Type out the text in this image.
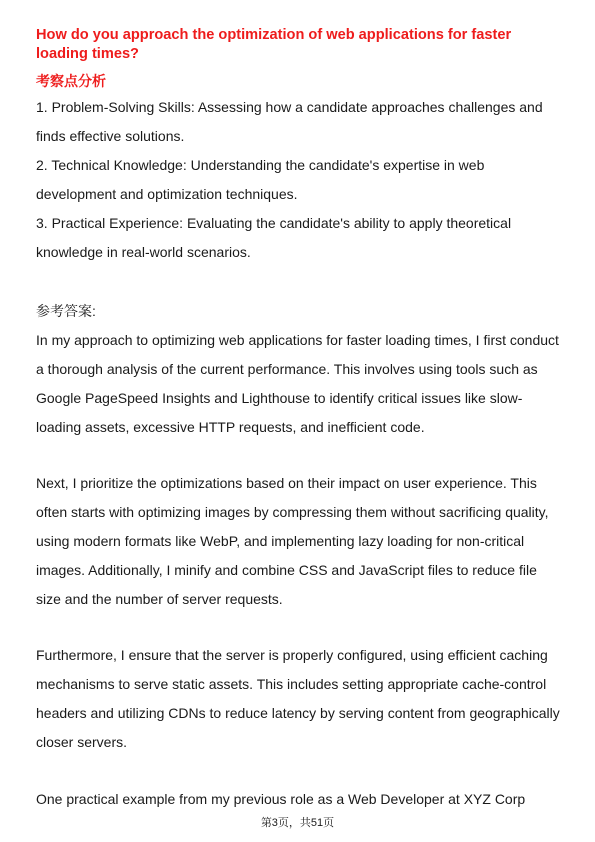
How do you approach the optimization of web applications for faster loading times?
考察点分析

1. Problem-Solving Skills: Assessing how a candidate approaches challenges and finds effective solutions.

2. Technical Knowledge: Understanding the candidate's expertise in web development and optimization techniques.

3. Practical Experience: Evaluating the candidate's ability to apply theoretical knowledge in real-world scenarios.

参考答案:

In my approach to optimizing web applications for faster loading times, I first conduct a thorough analysis of the current performance. This involves using tools such as Google PageSpeed Insights and Lighthouse to identify critical issues like slow-loading assets, excessive HTTP requests, and inefficient code.

Next, I prioritize the optimizations based on their impact on user experience. This often starts with optimizing images by compressing them without sacrificing quality, using modern formats like WebP, and implementing lazy loading for non-critical images. Additionally, I minify and combine CSS and JavaScript files to reduce file size and the number of server requests.

Furthermore, I ensure that the server is properly configured, using efficient caching mechanisms to serve static assets. This includes setting appropriate cache-control headers and utilizing CDNs to reduce latency by serving content from geographically closer servers.

One practical example from my previous role as a Web Developer at XYZ Corp

第3页，共51页
